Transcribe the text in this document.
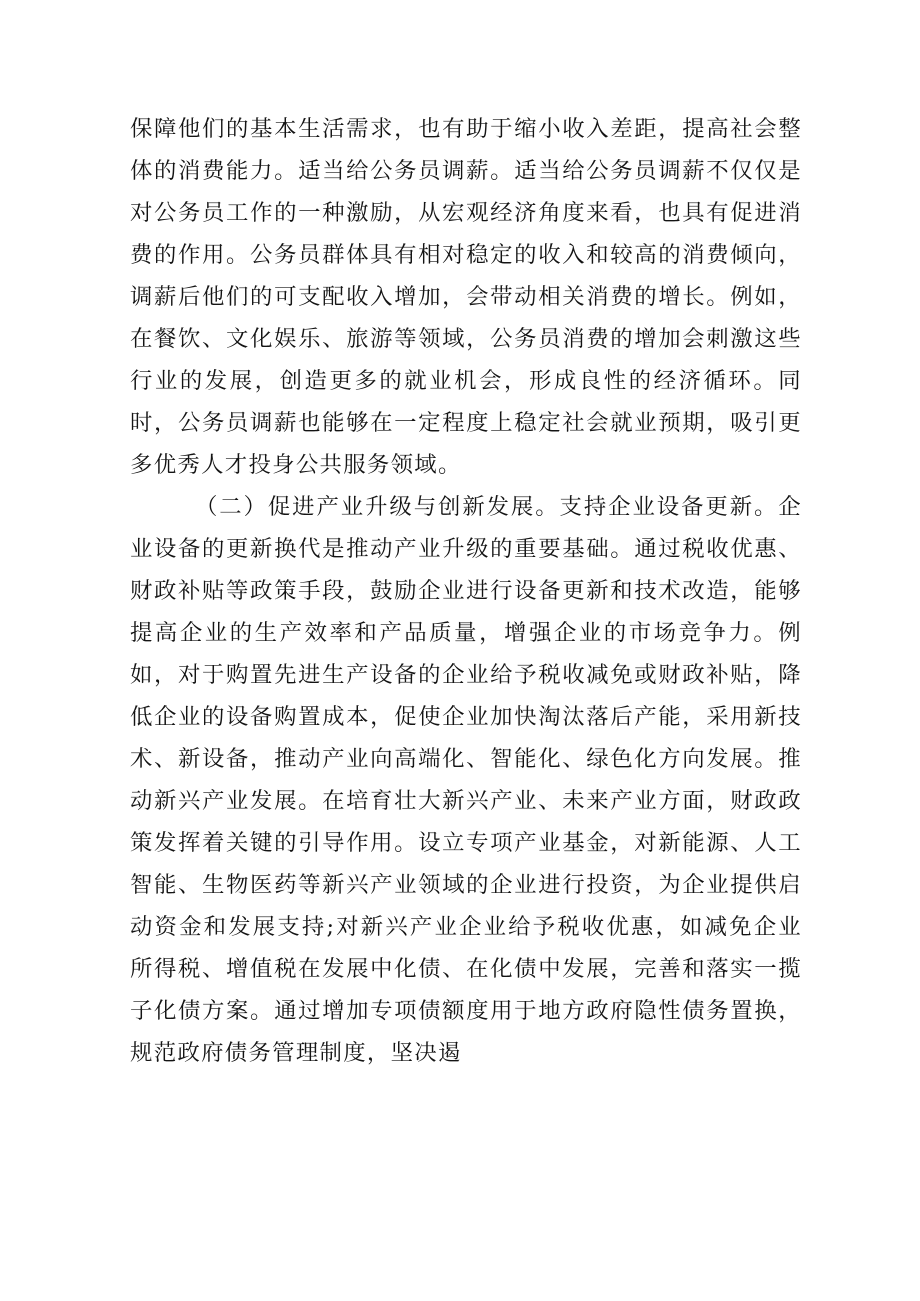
保障他们的基本生活需求，也有助于缩小收入差距，提高社会整体的消费能力。适当给公务员调薪。适当给公务员调薪不仅仅是对公务员工作的一种激励，从宏观经济角度来看，也具有促进消费的作用。公务员群体具有相对稳定的收入和较高的消费倾向，调薪后他们的可支配收入增加，会带动相关消费的增长。例如，在餐饮、文化娱乐、旅游等领域，公务员消费的增加会刺激这些行业的发展，创造更多的就业机会，形成良性的经济循环。同时，公务员调薪也能够在一定程度上稳定社会就业预期，吸引更多优秀人才投身公共服务领域。

（二）促进产业升级与创新发展。支持企业设备更新。企业设备的更新换代是推动产业升级的重要基础。通过税收优惠、财政补贴等政策手段，鼓励企业进行设备更新和技术改造，能够提高企业的生产效率和产品质量，增强企业的市场竞争力。例如，对于购置先进生产设备的企业给予税收减免或财政补贴，降低企业的设备购置成本，促使企业加快淘汰落后产能，采用新技术、新设备，推动产业向高端化、智能化、绿色化方向发展。推动新兴产业发展。在培育壮大新兴产业、未来产业方面，财政政策发挥着关键的引导作用。设立专项产业基金，对新能源、人工智能、生物医药等新兴产业领域的企业进行投资，为企业提供启动资金和发展支持;对新兴产业企业给予税收优惠，如减免企业所得税、增值税在发展中化债、在化债中发展，完善和落实一揽子化债方案。通过增加专项债额度用于地方政府隐性债务置换，规范政府债务管理制度，坚决遏
